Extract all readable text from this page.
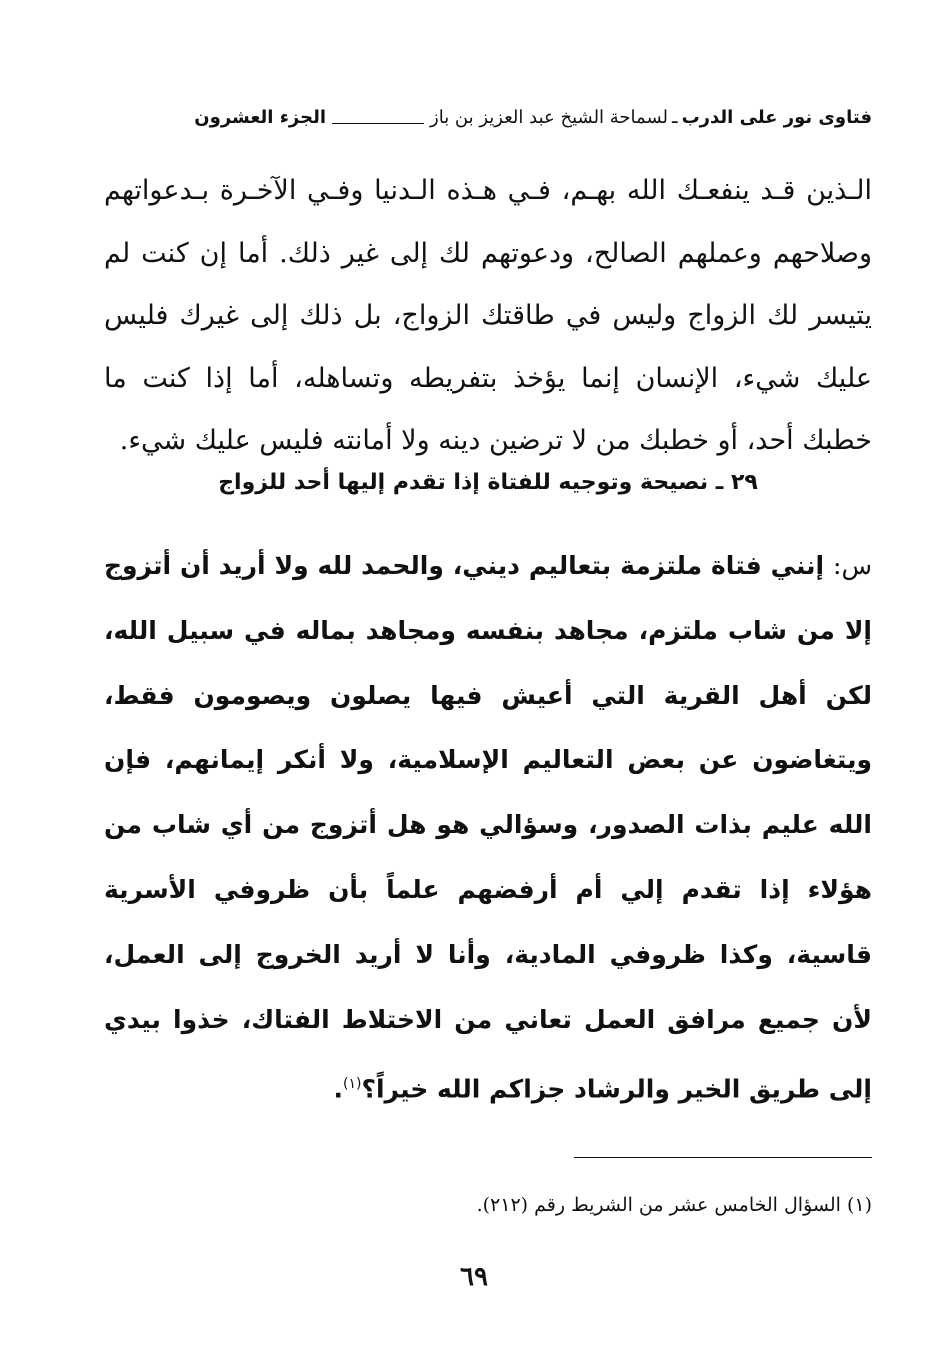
فتاوى نور على الدرب
ـ
لسماحة الشيخ عبد العزيز بن باز
الجزء العشرون

الـذين قـد ينفعـك الله بهـم، فـي هـذه الـدنيا وفـي الآخـرة بـدعواتهم وصلاحهم وعملهم الصالح، ودعوتهم لك إلى غير ذلك. أما إن كنت لم يتيسر لك الزواج وليس في طاقتك الزواج، بل ذلك إلى غيرك فليس عليك شيء، الإنسان إنما يؤخذ بتفريطه وتساهله، أما إذا كنت ما خطبك أحد، أو خطبك من لا ترضين دينه ولا أمانته فليس عليك شيء.

٢٩ ـ نصيحة وتوجيه للفتاة إذا تقدم إليها أحد للزواج

س: إنني فتاة ملتزمة بتعاليم ديني، والحمد لله ولا أريد أن أتزوج إلا من شاب ملتزم، مجاهد بنفسه ومجاهد بماله في سبيل الله، لكن أهل القرية التي أعيش فيها يصلون ويصومون فقط، ويتغاضون عن بعض التعاليم الإسلامية، ولا أنكر إيمانهم، فإن الله عليم بذات الصدور، وسؤالي هو هل أتزوج من أي شاب من هؤلاء إذا تقدم إلي أم أرفضهم علماً بأن ظروفي الأسرية قاسية، وكذا ظروفي المادية، وأنا لا أريد الخروج إلى العمل، لأن جميع مرافق العمل تعاني من الاختلاط الفتاك، خذوا بيدي إلى طريق الخير والرشاد جزاكم الله خيراً؟$^{(١)}$.

(١) السؤال الخامس عشر من الشريط رقم (٢١٢).
٦٩
